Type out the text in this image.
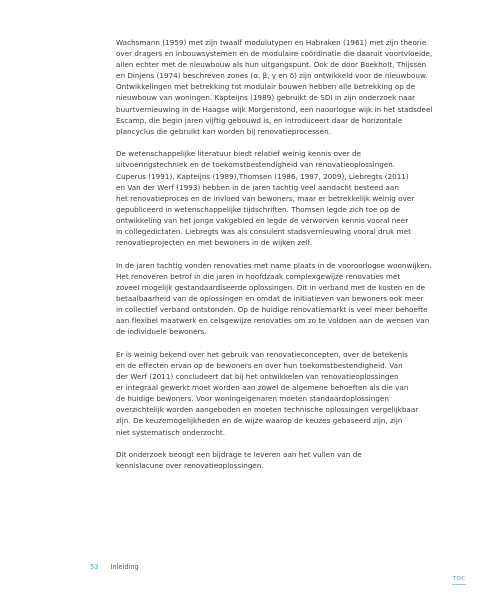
Wachsmann (1959) met zijn twaalf modulutypen en Habraken (1961) met zijn theorie
over dragers en inbouwsystemen en de modulaire coördinatie die daaruit voortvloeide,
allen echter met de nieuwbouw als hun uitgangspunt. Ook de door Boekholt, Thijssen
en Dinjens (1974) beschreven zones (α, β, γ en δ) zijn ontwikkeld voor de nieuwbouw.
Ontwikkelingen met betrekking tot modulair bouwen hebben alle betrekking op de
nieuwbouw van woningen. Kapteijns (1989) gebruikt de SDI in zijn onderzoek naar
buurtvernieuwing in de Haagse wijk Morgenstond, een naoorlogse wijk in het stadsdeel
Escamp, die begin jaren vijftig gebouwd is, en introduceert daar de horizontale
plancyclus die gebruikt kan worden bij renovatieprocessen.

De wetenschappelijke literatuur biedt relatief weinig kennis over de
uitvoeringstechniek en de toekomstbestendigheid van renovatieoplossingen.
Cuperus (1991), Kapteijns (1989),Thomsen (1986, 1997, 2009), Liebregts (2011)
en Van der Werf (1993) hebben in de jaren tachtig veel aandacht besteed aan
het renovatieproces en de invloed van bewoners, maar er betrekkelijk weinig over
gepubliceerd in wetenschappelijke tijdschriften. Thomsen legde zich toe op de
ontwikkeling van het jonge vakgebied en legde de verworven kennis vooral neer
in collegedictaten. Liebregts was als consulent stadsvernieuwing vooral druk met
renovatieprojecten en met bewoners in de wijken zelf.

In de jaren tachtig vonden renovaties met name plaats in de vooroorlogse woonwijken.
Het renoveren betrof in die jaren in hoofdzaak complexgewijze renovaties met
zoveel mogelijk gestandaardiseerde oplossingen. Dit in verband met de kosten en de
betaalbaarheid van de oplossingen en omdat de initiatieven van bewoners ook meer
in collectief verband ontstonden. Op de huidige renovatiemarkt is veel meer behoefte
aan flexibel maatwerk en celsgewijze renovaties om zo te voldoen aan de wensen van
de individuele bewoners.

Er is weinig bekend over het gebruik van renovatieconcepten, over de betekenis
en de effecten ervan op de bewoners en over hun toekomstbestendigheid. Van
der Werf (2011) concludeert dat bij het ontwikkelen van renovatieoplossingen
er integraal gewerkt moet worden aan zowel de algemene behoeften als die van
de huidige bewoners. Voor woningeigenaren moeten standaardoplossingen
overzichtelijk worden aangeboden en moeten technische oplossingen vergelijkbaar
zijn. De keuzemogelijkheden en de wijze waarop de keuzes gebaseerd zijn, zijn
niet systematisch onderzocht.

Dit onderzoek beoogt een bijdrage te leveren aan het vullen van de
kennislacune over renovatieoplossingen.

53 Inleiding
TOC
